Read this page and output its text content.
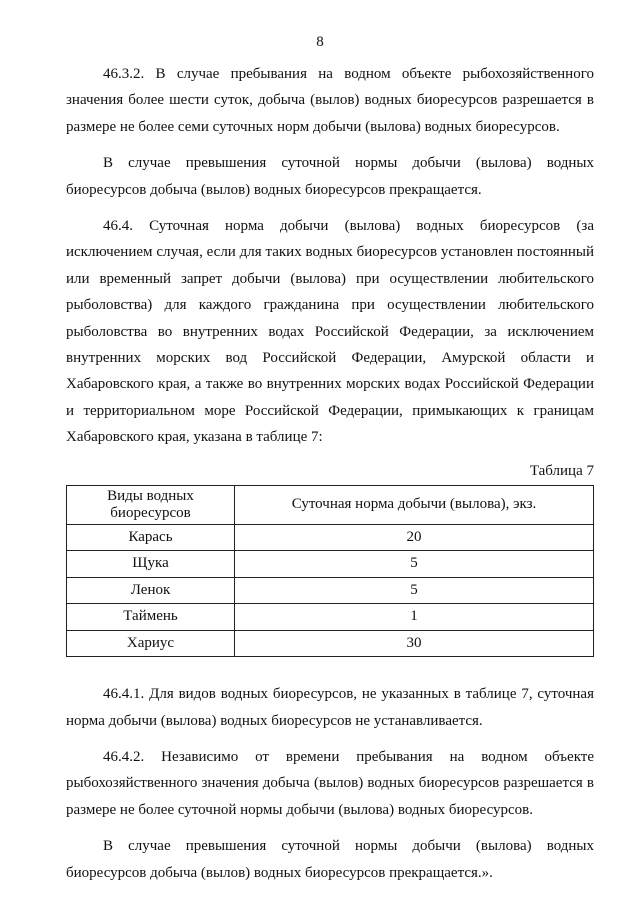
8

46.3.2. В случае пребывания на водном объекте рыбохозяйственного значения более шести суток, добыча (вылов) водных биоресурсов разрешается в размере не более семи суточных норм добычи (вылова) водных биоресурсов.

В случае превышения суточной нормы добычи (вылова) водных биоресурсов добыча (вылов) водных биоресурсов прекращается.

46.4. Суточная норма добычи (вылова) водных биоресурсов (за исключением случая, если для таких водных биоресурсов установлен постоянный или временный запрет добычи (вылова) при осуществлении любительского рыболовства) для каждого гражданина при осуществлении любительского рыболовства во внутренних водах Российской Федерации, за исключением внутренних морских вод Российской Федерации, Амурской области и Хабаровского края, а также во внутренних морских водах Российской Федерации и территориальном море Российской Федерации, примыкающих к границам Хабаровского края, указана в таблице 7:

Таблица 7
Виды водных биоресурсов	Суточная норма добычи (вылова), экз.
Карась	20
Щука	5
Ленок	5
Таймень	1
Хариус	30

46.4.1. Для видов водных биоресурсов, не указанных в таблице 7, суточная норма добычи (вылова) водных биоресурсов не устанавливается.

46.4.2. Независимо от времени пребывания на водном объекте рыбохозяйственного значения добыча (вылов) водных биоресурсов разрешается в размере не более суточной нормы добычи (вылова) водных биоресурсов.

В случае превышения суточной нормы добычи (вылова) водных биоресурсов добыча (вылов) водных биоресурсов прекращается.».
